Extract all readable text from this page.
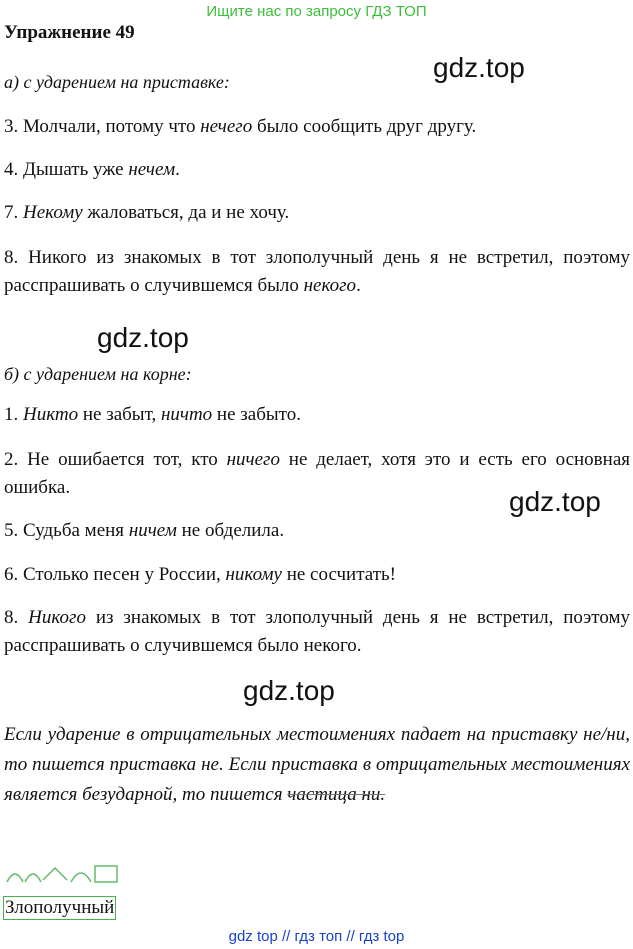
Ищите нас по запросу ГДЗ ТОП
Упражнение 49
gdz.top
а) с ударением на приставке:
3. Молчали, потому что нечего было сообщить друг другу.
4. Дышать уже нечем.
7. Некому жаловаться, да и не хочу.
8. Никого из знакомых в тот злополучный день я не встретил, поэтому расспрашивать о случившемся было некого.
gdz.top
б) с ударением на корне:
1. Никто не забыт, ничто не забыто.
2. Не ошибается тот, кто ничего не делает, хотя это и есть его основная ошибка.	gdz.top
5. Судьба меня ничем не обделила.
6. Столько песен у России, никому не сосчитать!
8. Никого из знакомых в тот злополучный день я не встретил, поэтому расспрашивать о случившемся было некого.
gdz.top
Если ударение в отрицательных местоимениях падает на приставку не/ни, то пишется приставка не. Если приставка в отрицательных местоимениях является безударной, то пишется частица ни.
Злополучный
gdz top // гдз топ // гдз top
